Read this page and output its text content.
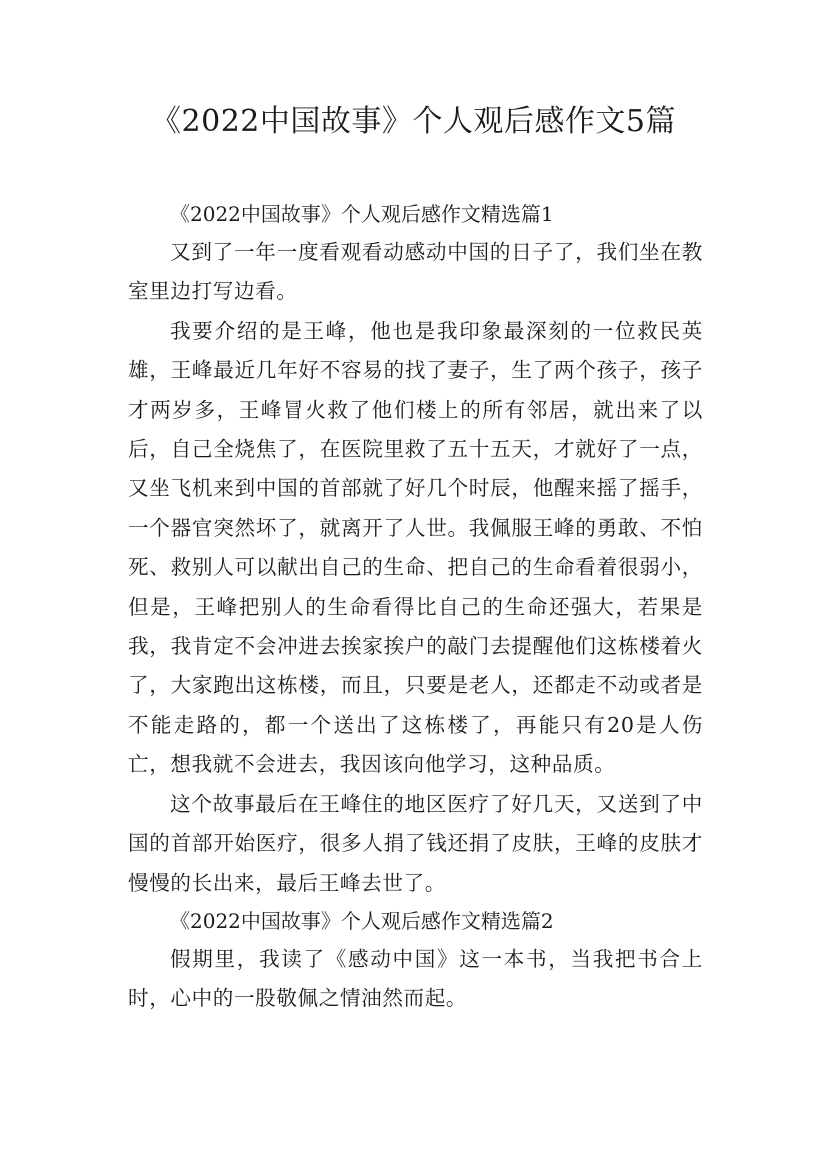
《2022中国故事》个人观后感作文5篇

《2022中国故事》个人观后感作文精选篇1

又到了一年一度看观看动感动中国的日子了，我们坐在教室里边打写边看。

我要介绍的是王峰，他也是我印象最深刻的一位救民英雄，王峰最近几年好不容易的找了妻子，生了两个孩子，孩子才两岁多，王峰冒火救了他们楼上的所有邻居，就出来了以后，自己全烧焦了，在医院里救了五十五天，才就好了一点，又坐飞机来到中国的首部就了好几个时辰，他醒来摇了摇手，一个器官突然坏了，就离开了人世。我佩服王峰的勇敢、不怕死、救别人可以献出自己的生命、把自己的生命看着很弱小，但是，王峰把别人的生命看得比自己的生命还强大，若果是我，我肯定不会冲进去挨家挨户的敲门去提醒他们这栋楼着火了，大家跑出这栋楼，而且，只要是老人，还都走不动或者是不能走路的，都一个送出了这栋楼了，再能只有20是人伤亡，想我就不会进去，我因该向他学习，这种品质。

这个故事最后在王峰住的地区医疗了好几天，又送到了中国的首部开始医疗，很多人捐了钱还捐了皮肤，王峰的皮肤才慢慢的长出来，最后王峰去世了。

《2022中国故事》个人观后感作文精选篇2

假期里，我读了《感动中国》这一本书，当我把书合上时，心中的一股敬佩之情油然而起。
